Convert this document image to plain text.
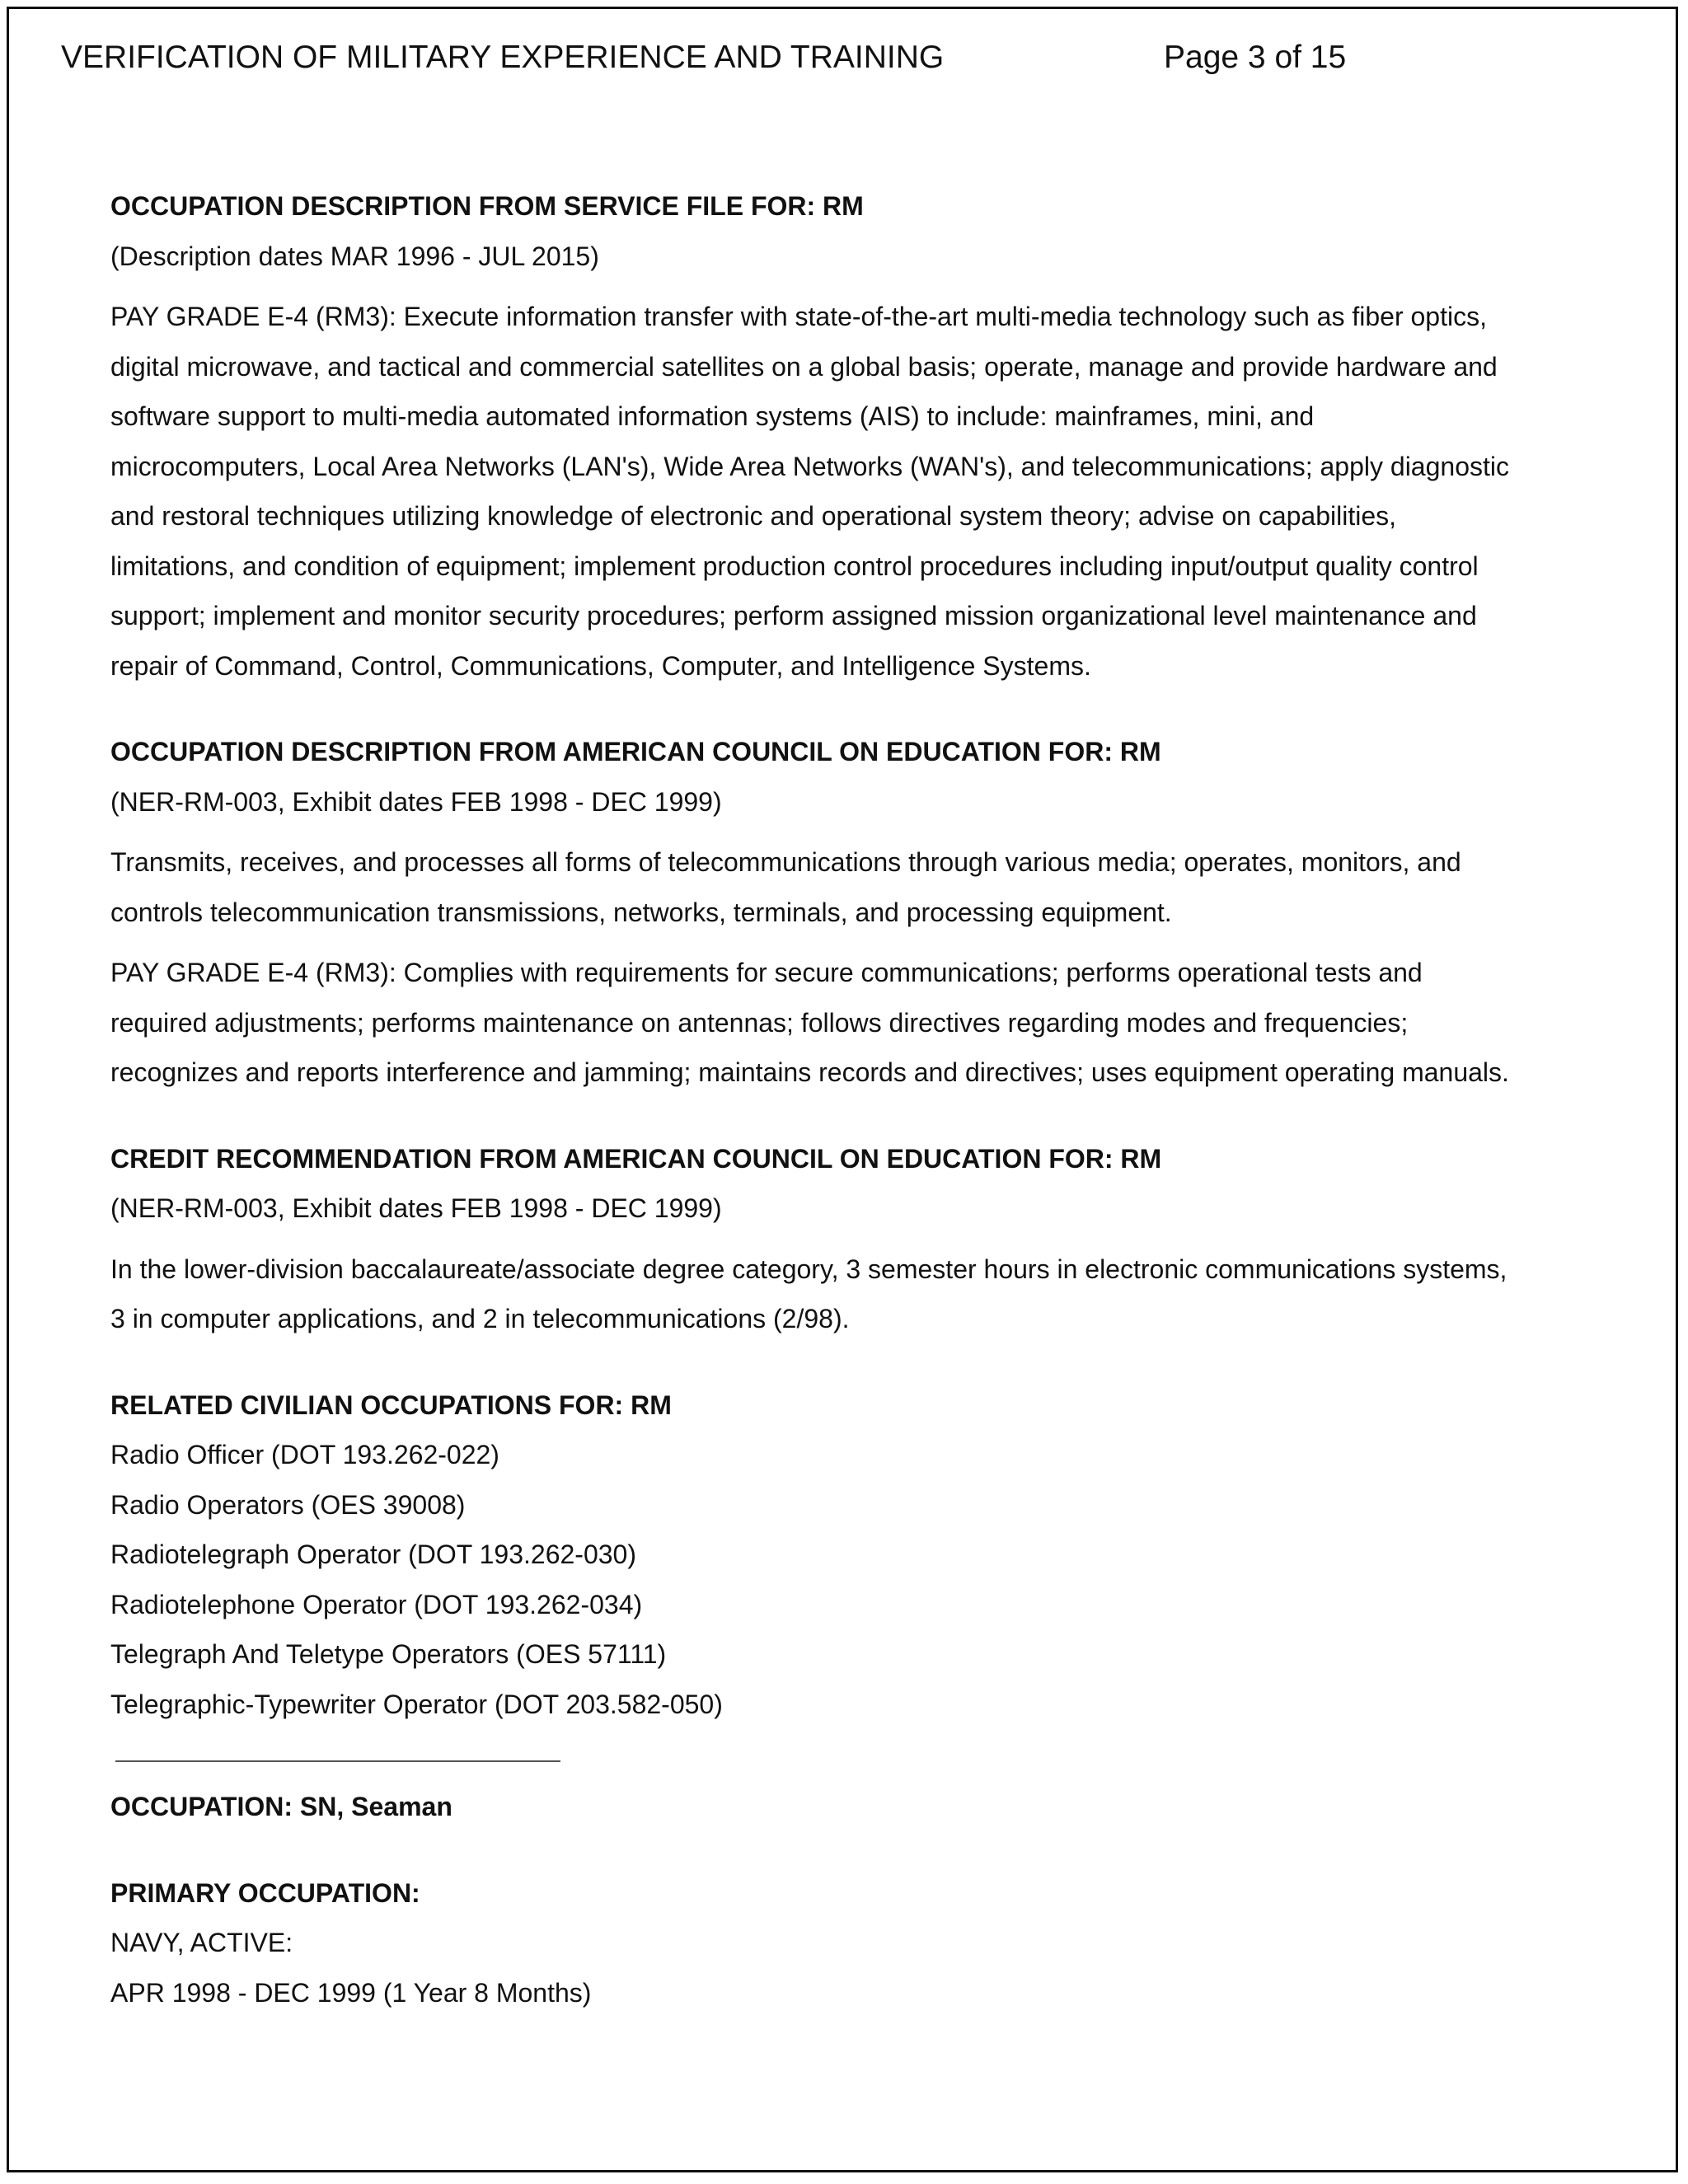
VERIFICATION OF MILITARY EXPERIENCE AND TRAINING	Page 3 of 15
OCCUPATION DESCRIPTION FROM SERVICE FILE FOR: RM
(Description dates MAR 1996 - JUL 2015)
PAY GRADE E-4 (RM3): Execute information transfer with state-of-the-art multi-media technology such as fiber optics,
digital microwave, and tactical and commercial satellites on a global basis; operate, manage and provide hardware and
software support to multi-media automated information systems (AIS) to include: mainframes, mini, and
microcomputers, Local Area Networks (LAN's), Wide Area Networks (WAN's), and telecommunications; apply diagnostic
and restoral techniques utilizing knowledge of electronic and operational system theory; advise on capabilities,
limitations, and condition of equipment; implement production control procedures including input/output quality control
support; implement and monitor security procedures; perform assigned mission organizational level maintenance and
repair of Command, Control, Communications, Computer, and Intelligence Systems.
OCCUPATION DESCRIPTION FROM AMERICAN COUNCIL ON EDUCATION FOR: RM
(NER-RM-003, Exhibit dates FEB 1998 - DEC 1999)
Transmits, receives, and processes all forms of telecommunications through various media; operates, monitors, and
controls telecommunication transmissions, networks, terminals, and processing equipment.
PAY GRADE E-4 (RM3): Complies with requirements for secure communications; performs operational tests and
required adjustments; performs maintenance on antennas; follows directives regarding modes and frequencies;
recognizes and reports interference and jamming; maintains records and directives; uses equipment operating manuals.
CREDIT RECOMMENDATION FROM AMERICAN COUNCIL ON EDUCATION FOR: RM
(NER-RM-003, Exhibit dates FEB 1998 - DEC 1999)
In the lower-division baccalaureate/associate degree category, 3 semester hours in electronic communications systems,
3 in computer applications, and 2 in telecommunications (2/98).
RELATED CIVILIAN OCCUPATIONS FOR: RM
Radio Officer (DOT 193.262-022)
Radio Operators (OES 39008)
Radiotelegraph Operator (DOT 193.262-030)
Radiotelephone Operator (DOT 193.262-034)
Telegraph And Teletype Operators (OES 57111)
Telegraphic-Typewriter Operator (DOT 203.582-050)
OCCUPATION: SN, Seaman
PRIMARY OCCUPATION:
NAVY, ACTIVE:
APR 1998 - DEC 1999 (1 Year 8 Months)
